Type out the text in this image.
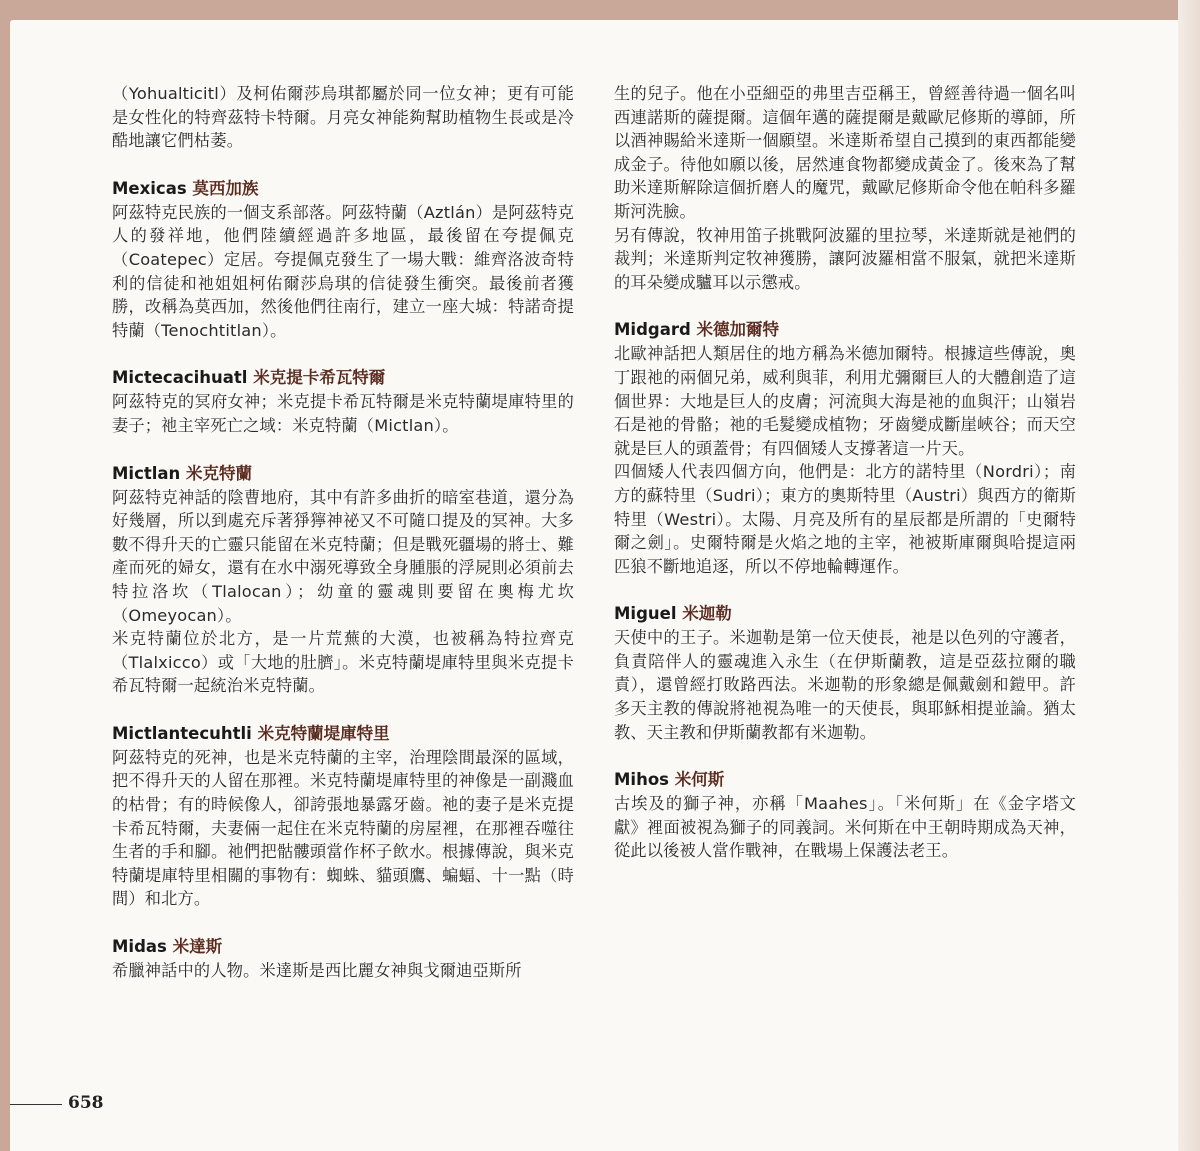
（Yohualticitl）及柯佑爾莎烏琪都屬於同一位女神；更有可能是女性化的特齊茲特卡特爾。月亮女神能夠幫助植物生長或是冷酷地讓它們枯萎。

Mexicas 莫西加族

阿茲特克民族的一個支系部落。阿茲特蘭（Aztlán）是阿茲特克人的發祥地，他們陸續經過許多地區，最後留在夸提佩克（Coatepec）定居。夸提佩克發生了一場大戰：維齊洛波奇特利的信徒和祂姐姐柯佑爾莎烏琪的信徒發生衝突。最後前者獲勝，改稱為莫西加，然後他們往南行，建立一座大城：特諾奇提特蘭（Tenochtitlan）。

Mictecacihuatl 米克提卡希瓦特爾

阿茲特克的冥府女神；米克提卡希瓦特爾是米克特蘭堤庫特里的妻子；祂主宰死亡之域：米克特蘭（Mictlan）。

Mictlan 米克特蘭

阿茲特克神話的陰曹地府，其中有許多曲折的暗室巷道，還分為好幾層，所以到處充斥著猙獰神祕又不可隨口提及的冥神。大多數不得升天的亡靈只能留在米克特蘭；但是戰死疆場的將士、難產而死的婦女，還有在水中溺死導致全身腫脹的浮屍則必須前去特拉洛坎（Tlalocan）；幼童的靈魂則要留在奧梅尤坎（Omeyocan）。

米克特蘭位於北方，是一片荒蕪的大漠，也被稱為特拉齊克（Tlalxicco）或「大地的肚臍」。米克特蘭堤庫特里與米克提卡希瓦特爾一起統治米克特蘭。

Mictlantecuhtli 米克特蘭堤庫特里

阿茲特克的死神，也是米克特蘭的主宰，治理陰間最深的區域，把不得升天的人留在那裡。米克特蘭堤庫特里的神像是一副濺血的枯骨；有的時候像人，卻誇張地暴露牙齒。祂的妻子是米克提卡希瓦特爾，夫妻倆一起住在米克特蘭的房屋裡，在那裡吞噬往生者的手和腳。祂們把骷髏頭當作杯子飲水。根據傳說，與米克特蘭堤庫特里相關的事物有：蜘蛛、貓頭鷹、蝙蝠、十一點（時間）和北方。

Midas 米達斯

希臘神話中的人物。米達斯是西比麗女神與戈爾迪亞斯所

生的兒子。他在小亞細亞的弗里吉亞稱王，曾經善待過一個名叫西連諾斯的薩提爾。這個年邁的薩提爾是戴歐尼修斯的導師，所以酒神賜給米達斯一個願望。米達斯希望自己摸到的東西都能變成金子。待他如願以後，居然連食物都變成黃金了。後來為了幫助米達斯解除這個折磨人的魔咒，戴歐尼修斯命令他在帕科多羅斯河洗臉。

另有傳說，牧神用笛子挑戰阿波羅的里拉琴，米達斯就是祂們的裁判；米達斯判定牧神獲勝，讓阿波羅相當不服氣，就把米達斯的耳朵變成驢耳以示懲戒。

Midgard 米德加爾特

北歐神話把人類居住的地方稱為米德加爾特。根據這些傳說，奧丁跟祂的兩個兄弟，威利與菲，利用尤彌爾巨人的大體創造了這個世界：大地是巨人的皮膚；河流與大海是祂的血與汗；山嶺岩石是祂的骨骼；祂的毛髮變成植物；牙齒變成斷崖峽谷；而天空就是巨人的頭蓋骨；有四個矮人支撐著這一片天。

四個矮人代表四個方向，他們是：北方的諾特里（Nordri）；南方的蘇特里（Sudri）；東方的奧斯特里（Austri）與西方的衛斯特里（Westri）。太陽、月亮及所有的星辰都是所謂的「史爾特爾之劍」。史爾特爾是火焰之地的主宰，祂被斯庫爾與哈提這兩匹狼不斷地追逐，所以不停地輪轉運作。

Miguel 米迦勒

天使中的王子。米迦勒是第一位天使長，祂是以色列的守護者，負責陪伴人的靈魂進入永生（在伊斯蘭教，這是亞茲拉爾的職責），還曾經打敗路西法。米迦勒的形象總是佩戴劍和鎧甲。許多天主教的傳說將祂視為唯一的天使長，與耶穌相提並論。猶太教、天主教和伊斯蘭教都有米迦勒。

Mihos 米何斯

古埃及的獅子神，亦稱「Maahes」。「米何斯」在《金字塔文獻》裡面被視為獅子的同義詞。米何斯在中王朝時期成為天神，從此以後被人當作戰神，在戰場上保護法老王。

658
